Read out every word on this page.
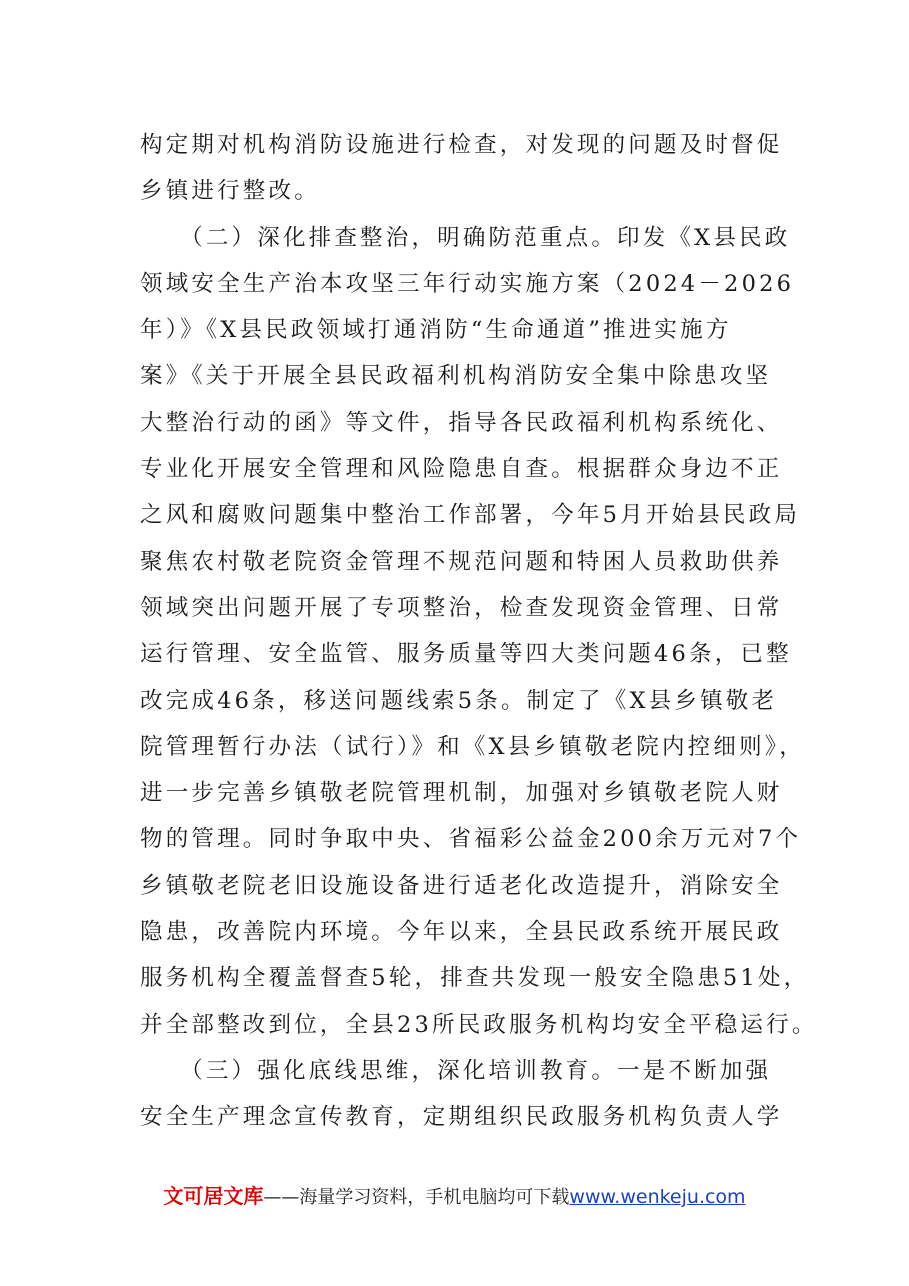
构定期对机构消防设施进行检查，对发现的问题及时督促
乡镇进行整改。
　　（二）深化排查整治，明确防范重点。印发《X县民政
领域安全生产治本攻坚三年行动实施方案（2024－2026
年）》《X县民政领域打通消防“生命通道”推进实施方
案》《关于开展全县民政福利机构消防安全集中除患攻坚
大整治行动的函》等文件，指导各民政福利机构系统化、
专业化开展安全管理和风险隐患自查。根据群众身边不正
之风和腐败问题集中整治工作部署，今年5月开始县民政局
聚焦农村敬老院资金管理不规范问题和特困人员救助供养
领域突出问题开展了专项整治，检查发现资金管理、日常
运行管理、安全监管、服务质量等四大类问题46条，已整
改完成46条，移送问题线索5条。制定了《X县乡镇敬老
院管理暂行办法（试行）》和《X县乡镇敬老院内控细则》，
进一步完善乡镇敬老院管理机制，加强对乡镇敬老院人财
物的管理。同时争取中央、省福彩公益金200余万元对7个
乡镇敬老院老旧设施设备进行适老化改造提升，消除安全
隐患，改善院内环境。今年以来，全县民政系统开展民政
服务机构全覆盖督查5轮，排查共发现一般安全隐患51处，
并全部整改到位，全县23所民政服务机构均安全平稳运行。
　　（三）强化底线思维，深化培训教育。一是不断加强
安全生产理念宣传教育，定期组织民政服务机构负责人学
文可居文库——海量学习资料，手机电脑均可下载www.wenkeju.com
